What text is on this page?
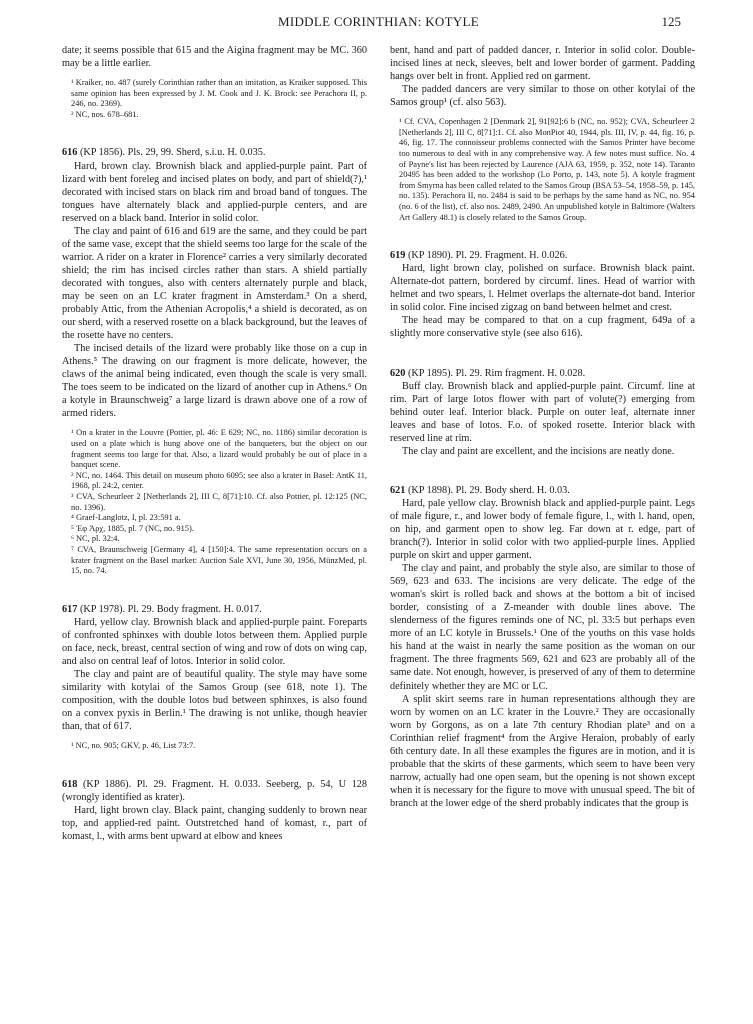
MIDDLE CORINTHIAN: KOTYLE	125

date; it seems possible that 615 and the Aigina fragment may be MC. 360 may be a little earlier.

¹ Kraiker, no. 487 (surely Corinthian rather than an imitation, as Kraiker supposed. This same opinion has been expressed by J. M. Cook and J. K. Brock: see Perachora II, p. 246, no. 2369).

² NC, nos. 678–681.

616 (KP 1856). Pls. 29, 99. Sherd, s.i.u. H. 0.035.

Hard, brown clay. Brownish black and applied-purple paint. Part of lizard with bent foreleg and incised plates on body, and part of shield(?),¹ decorated with incised stars on black rim and broad band of tongues. The tongues have alternately black and applied-purple centers, and are reserved on a black band. Interior in solid color.

The clay and paint of 616 and 619 are the same, and they could be part of the same vase, except that the shield seems too large for the scale of the warrior. A rider on a krater in Florence² carries a very similarly decorated shield; the rim has incised circles rather than stars. A shield partially decorated with tongues, also with centers alternately purple and black, may be seen on an LC krater fragment in Amsterdam.³ On a sherd, probably Attic, from the Athenian Acropolis,⁴ a shield is decorated, as on our sherd, with a reserved rosette on a black background, but the leaves of the rosette have no centers.

The incised details of the lizard were probably like those on a cup in Athens.⁵ The drawing on our fragment is more delicate, however, the claws of the animal being indicated, even though the scale is very small. The toes seem to be indicated on the lizard of another cup in Athens.⁶ On a kotyle in Braunschweig⁷ a large lizard is drawn above one of a row of armed riders.

¹ On a krater in the Louvre (Pottier, pl. 46: E 629; NC, no. 1186) similar decoration is used on a plate which is hung above one of the banqueters, but the object on our fragment seems too large for that. Also, a lizard would probably be out of place in a banquet scene.

² NC, no. 1464. This detail on museum photo 6095; see also a krater in Basel: AntK 11, 1968, pl. 24:2, center.

³ CVA, Scheurleer 2 [Netherlands 2], III C, 8[71]:10. Cf. also Pottier, pl. 12:125 (NC, no. 1396).

⁴ Graef-Langlotz, I, pl. 23:591 a.

⁵ Ἐφ Ἀρχ, 1885, pl. 7 (NC, no. 915).

⁶ NC, pl. 32:4.

⁷ CVA, Braunschweig [Germany 4], 4 [150]:4. The same representation occurs on a krater fragment on the Basel market: Auction Sale XVI, June 30, 1956, MünzMed, pl. 15, no. 74.

617 (KP 1978). Pl. 29. Body fragment. H. 0.017.

Hard, yellow clay. Brownish black and applied-purple paint. Foreparts of confronted sphinxes with double lotos between them. Applied purple on face, neck, breast, central section of wing and row of dots on wing cap, and also on central leaf of lotos. Interior in solid color.

The clay and paint are of beautiful quality. The style may have some similarity with kotylai of the Samos Group (see 618, note 1). The composition, with the double lotos bud between sphinxes, is also found on a convex pyxis in Berlin.¹ The drawing is not unlike, though heavier than, that of 617.

¹ NC, no. 905; GKV, p. 46, List 73:7.

618 (KP 1886). Pl. 29. Fragment. H. 0.033. Seeberg, p. 54, U 128 (wrongly identified as krater).

Hard, light brown clay. Black paint, changing suddenly to brown near top, and applied-red paint. Outstretched hand of komast, r., part of komast, l., with arms bent upward at elbow and knees

bent, hand and part of padded dancer, r. Interior in solid color. Double-incised lines at neck, sleeves, belt and lower border of garment. Padding hangs over belt in front. Applied red on garment.

The padded dancers are very similar to those on other kotylai of the Samos group¹ (cf. also 563).

¹ Cf. CVA, Copenhagen 2 [Denmark 2], 91[92]:6 b (NC, no. 952); CVA, Scheurleer 2 [Netherlands 2], III C, 8[71]:1. Cf. also MonPiot 40, 1944, pls. III, IV, p. 44, fig. 16, p. 46, fig. 17. The connoisseur problems connected with the Samos Printer have become too numerous to deal with in any comprehensive way. A few notes must suffice. No. 4 of Payne's list has been rejected by Laurence (AJA 63, 1959, p. 352, note 14). Taranto 20495 has been added to the workshop (Lo Porto, p. 143, note 5). A kotyle fragment from Smyrna has been called related to the Samos Group (BSA 53–54, 1958–59, p. 145, no. 135). Perachora II, no. 2484 is said to be perhaps by the same hand as NC, no. 954 (no. 6 of the list), cf. also nos. 2489, 2490. An unpublished kotyle in Baltimore (Walters Art Gallery 48.1) is closely related to the Samos Group.

619 (KP 1890). Pl. 29. Fragment. H. 0.026.

Hard, light brown clay, polished on surface. Brownish black paint. Alternate-dot pattern, bordered by circumf. lines. Head of warrior with helmet and two spears, l. Helmet overlaps the alternate-dot band. Interior in solid color. Fine incised zigzag on band between helmet and crest.

The head may be compared to that on a cup fragment, 649a of a slightly more conservative style (see also 616).

620 (KP 1895). Pl. 29. Rim fragment. H. 0.028.

Buff clay. Brownish black and applied-purple paint. Circumf. line at rim. Part of large lotos flower with part of volute(?) emerging from behind outer leaf. Interior black. Purple on outer leaf, alternate inner leaves and base of lotos. F.o. of spoked rosette. Interior black with reserved line at rim.

The clay and paint are excellent, and the incisions are neatly done.

621 (KP 1898). Pl. 29. Body sherd. H. 0.03.

Hard, pale yellow clay. Brownish black and applied-purple paint. Legs of male figure, r., and lower body of female figure, l., with l. hand, open, on hip, and garment open to show leg. Far down at r. edge, part of branch(?). Interior in solid color with two applied-purple lines. Applied purple on skirt and upper garment.

The clay and paint, and probably the style also, are similar to those of 569, 623 and 633. The incisions are very delicate. The edge of the woman's skirt is rolled back and shows at the bottom a bit of incised border, consisting of a Z-meander with double lines above. The slenderness of the figures reminds one of NC, pl. 33:5 but perhaps even more of an LC kotyle in Brussels.¹ One of the youths on this vase holds his hand at the waist in nearly the same position as the woman on our fragment. The three fragments 569, 621 and 623 are probably all of the same date. Not enough, however, is preserved of any of them to determine definitely whether they are MC or LC.

A split skirt seems rare in human representations although they are worn by women on an LC krater in the Louvre.² They are occasionally worn by Gorgons, as on a late 7th century Rhodian plate³ and on a Corinthian relief fragment⁴ from the Argive Heraion, probably of early 6th century date. In all these examples the figures are in motion, and it is probable that the skirts of these garments, which seem to have been very narrow, actually had one open seam, but the opening is not shown except when it is necessary for the figure to move with unusual speed. The bit of branch at the lower edge of the sherd probably indicates that the group is
